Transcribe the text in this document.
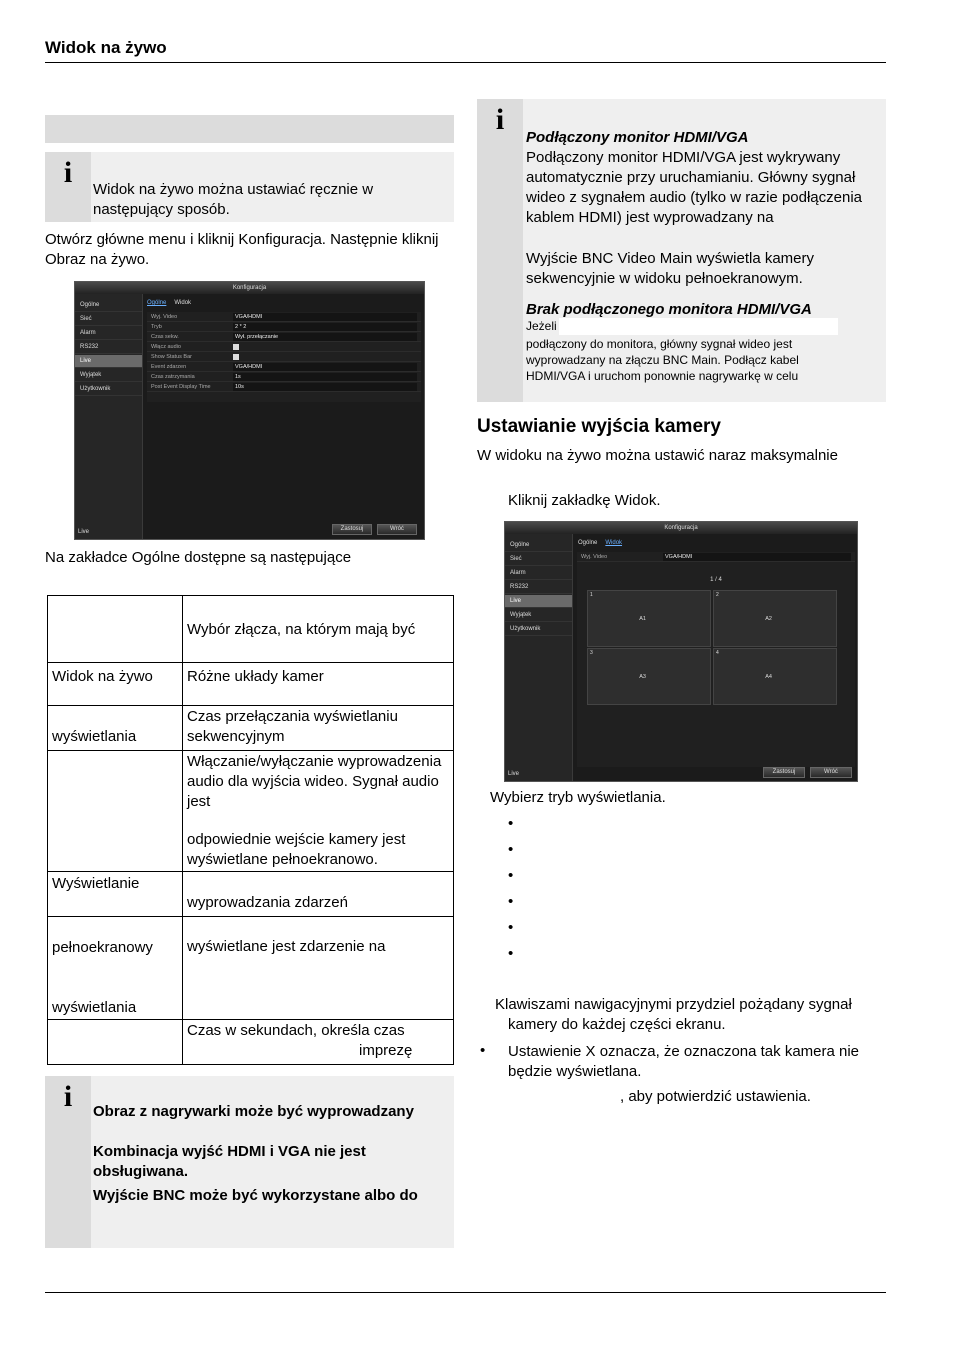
Widok na żywo
i
Widok na żywo można ustawiać ręcznie w następujący sposób.
Otwórz główne menu i kliknij Konfiguracja. Następnie kliknij Obraz na żywo.
Konfiguracja
Ogólne
Sieć
Alarm
RS232
Live
Wyjątek
Użytkownik
Live
Ogólne Widok
Wyj. Video	VGA/HDMI
Tryb	2 * 2
Czas sekw.	Wył. przełączanie
Włącz audio
Show Status Bar
Event zdarzen	VGA/HDMI
Czas zatrzymania	1s
Post Event Display Time	10s
Zastosuj	Wróć
Na zakładce Ogólne dostępne są następujące

	Wybór złącza, na którym mają być

Widok na żywo	Różne układy kamer

wyświetlania	Czas przełączania wyświetlaniu sekwencyjnym

	Włączanie/wyłączanie wyprowadzenia audio dla wyjścia wideo. Sygnał audio jest
odpowiednie wejście kamery jest wyświetlane pełnoekranowo.

Wyświetlanie	wyprowadzania zdarzeń

pełnoekranowy
wyświetlania	wyświetlane jest zdarzenie na

	Czas w sekundach, określa czas
imprezę
i	Obraz z nagrywarki może być wyprowadzany
Kombinacja wyjść HDMI i VGA nie jest obsługiwana.
Wyjście BNC może być wykorzystane albo do
i
Podłączony monitor HDMI/VGA
Podłączony monitor HDMI/VGA jest wykrywany automatycznie przy uruchamianiu. Główny sygnał wideo z sygnałem audio (tylko w razie podłączenia kablem HDMI) jest wyprowadzany na
Wyjście BNC Video Main wyświetla kamery sekwencyjnie w widoku pełnoekranowym.
Brak podłączonego monitora HDMI/VGA
Jeżeli
podłączony do monitora, główny sygnał wideo jest wyprowadzany na złączu BNC Main. Podłącz kabel HDMI/VGA i uruchom ponownie nagrywarkę w celu
Ustawianie wyjścia kamery
W widoku na żywo można ustawić naraz maksymalnie
Kliknij zakładkę Widok.
Konfiguracja
Ogólne
Sieć
Alarm
RS232
Live
Wyjątek
Użytkownik
Live
Ogólne Widok
Wyj. Video	VGA/HDMI
1 / 4
1
A1
2
A2
3
A3
4
A4
Zastosuj	Wróć
Wybierz tryb wyświetlania.
•
•
•
•
•
•
Klawiszami nawigacyjnymi przydziel pożądany sygnał kamery do każdej części ekranu.
• Ustawienie X oznacza, że oznaczona tak kamera nie będzie wyświetlana.
, aby potwierdzić ustawienia.
